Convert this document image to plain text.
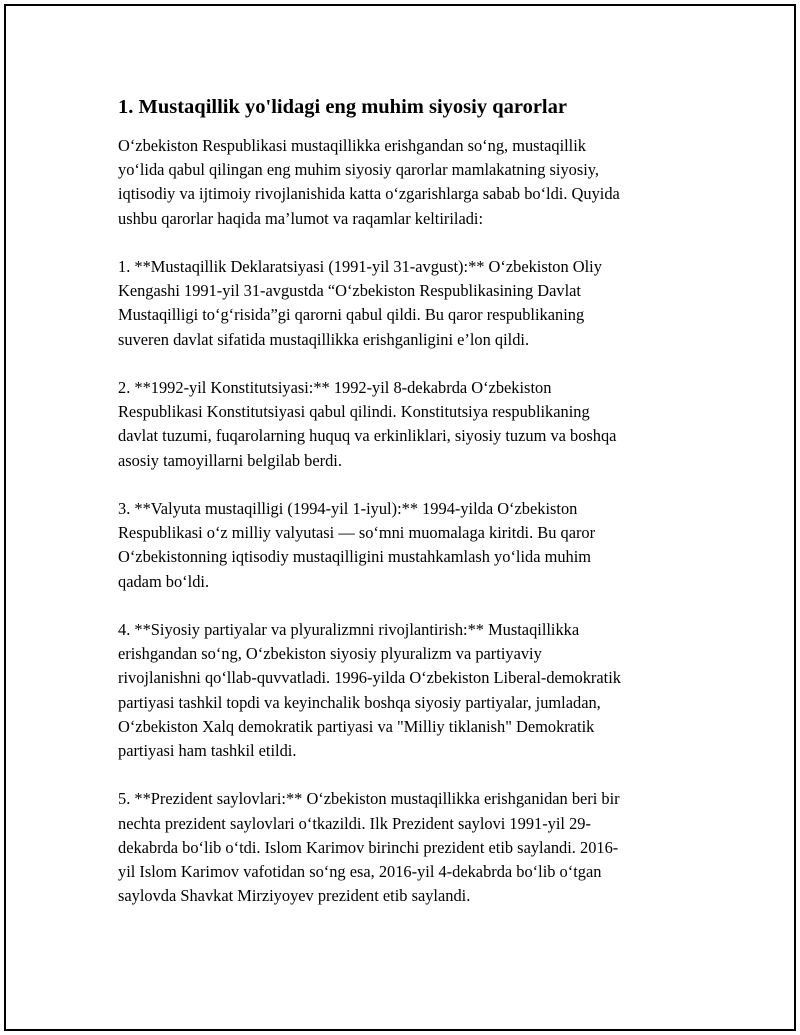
1. Mustaqillik yo'lidagi eng muhim siyosiy qarorlar

O‘zbekiston Respublikasi mustaqillikka erishgandan so‘ng, mustaqillik
yo‘lida qabul qilingan eng muhim siyosiy qarorlar mamlakatning siyosiy,
iqtisodiy va ijtimoiy rivojlanishida katta o‘zgarishlarga sabab bo‘ldi. Quyida
ushbu qarorlar haqida ma’lumot va raqamlar keltiriladi:

1. **Mustaqillik Deklaratsiyasi (1991-yil 31-avgust):** O‘zbekiston Oliy
Kengashi 1991-yil 31-avgustda “O‘zbekiston Respublikasining Davlat
Mustaqilligi to‘g‘risida”gi qarorni qabul qildi. Bu qaror respublikaning
suveren davlat sifatida mustaqillikka erishganligini e’lon qildi.

2. **1992-yil Konstitutsiyasi:** 1992-yil 8-dekabrda O‘zbekiston
Respublikasi Konstitutsiyasi qabul qilindi. Konstitutsiya respublikaning
davlat tuzumi, fuqarolarning huquq va erkinliklari, siyosiy tuzum va boshqa
asosiy tamoyillarni belgilab berdi.

3. **Valyuta mustaqilligi (1994-yil 1-iyul):** 1994-yilda O‘zbekiston
Respublikasi o‘z milliy valyutasi — so‘mni muomalaga kiritdi. Bu qaror
O‘zbekistonning iqtisodiy mustaqilligini mustahkamlash yo‘lida muhim
qadam bo‘ldi.

4. **Siyosiy partiyalar va plyuralizmni rivojlantirish:** Mustaqillikka
erishgandan so‘ng, O‘zbekiston siyosiy plyuralizm va partiyaviy
rivojlanishni qo‘llab-quvvatladi. 1996-yilda O‘zbekiston Liberal-demokratik
partiyasi tashkil topdi va keyinchalik boshqa siyosiy partiyalar, jumladan,
O‘zbekiston Xalq demokratik partiyasi va "Milliy tiklanish" Demokratik
partiyasi ham tashkil etildi.

5. **Prezident saylovlari:** O‘zbekiston mustaqillikka erishganidan beri bir
nechta prezident saylovlari o‘tkazildi. Ilk Prezident saylovi 1991-yil 29-
dekabrda bo‘lib o‘tdi. Islom Karimov birinchi prezident etib saylandi. 2016-
yil Islom Karimov vafotidan so‘ng esa, 2016-yil 4-dekabrda bo‘lib o‘tgan
saylovda Shavkat Mirziyoyev prezident etib saylandi.
